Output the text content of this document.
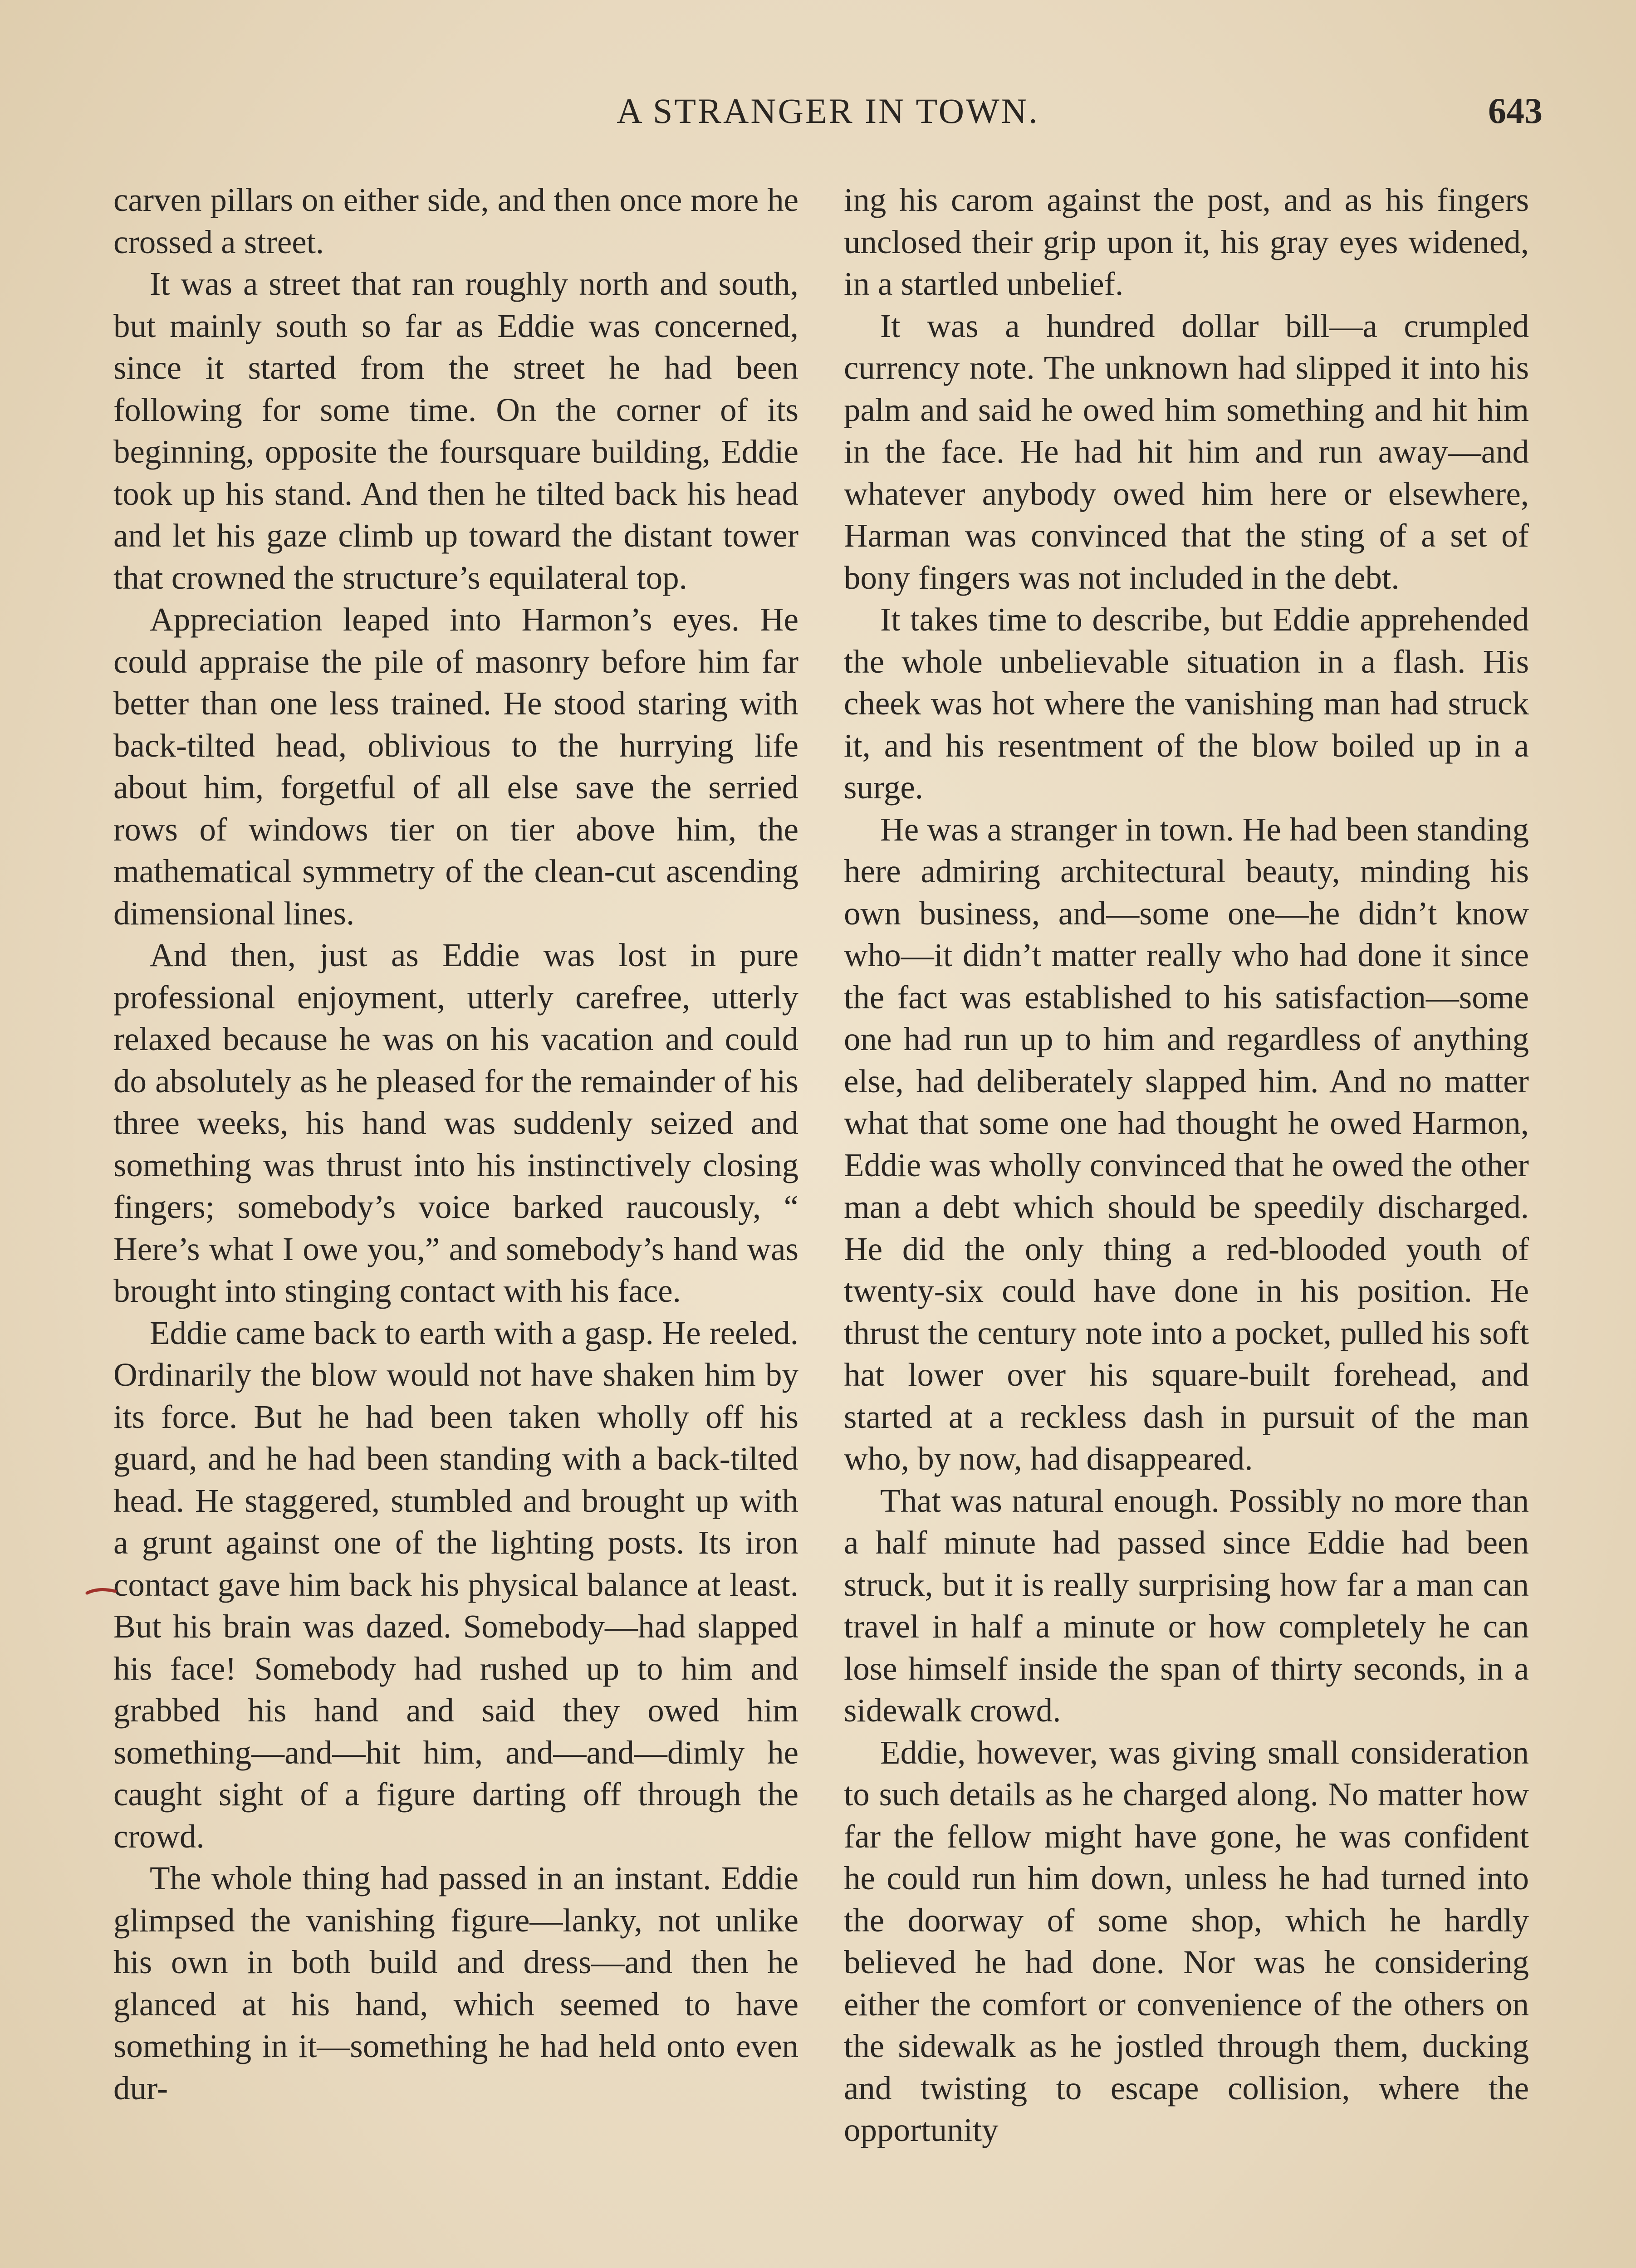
A STRANGER IN TOWN.	643

carven pillars on either side, and then once more he crossed a street.

It was a street that ran roughly north and south, but mainly south so far as Eddie was concerned, since it started from the street he had been following for some time. On the corner of its beginning, opposite the foursquare building, Eddie took up his stand. And then he tilted back his head and let his gaze climb up toward the distant tower that crowned the structure’s equilateral top.

Appreciation leaped into Harmon’s eyes. He could appraise the pile of masonry before him far better than one less trained. He stood staring with back-tilted head, oblivious to the hurrying life about him, forgetful of all else save the serried rows of windows tier on tier above him, the mathematical symmetry of the clean-cut ascending dimensional lines.

And then, just as Eddie was lost in pure professional enjoyment, utterly carefree, utterly relaxed because he was on his vacation and could do absolutely as he pleased for the remainder of his three weeks, his hand was suddenly seized and something was thrust into his instinctively closing fingers; somebody’s voice barked raucously, “ Here’s what I owe you,” and somebody’s hand was brought into stinging contact with his face.

Eddie came back to earth with a gasp. He reeled. Ordinarily the blow would not have shaken him by its force. But he had been taken wholly off his guard, and he had been standing with a back-tilted head. He staggered, stumbled and brought up with a grunt against one of the lighting posts. Its iron contact gave him back his physical balance at least. But his brain was dazed. Somebody—had slapped his face! Somebody had rushed up to him and grabbed his hand and said they owed him something—and—hit him, and—and—dimly he caught sight of a figure darting off through the crowd.

The whole thing had passed in an instant. Eddie glimpsed the vanishing figure—lanky, not unlike his own in both build and dress—and then he glanced at his hand, which seemed to have something in it—something he had held onto even dur-

ing his carom against the post, and as his fingers unclosed their grip upon it, his gray eyes widened, in a startled unbelief.

It was a hundred dollar bill—a crumpled currency note. The unknown had slipped it into his palm and said he owed him something and hit him in the face. He had hit him and run away—and whatever anybody owed him here or elsewhere, Harman was convinced that the sting of a set of bony fingers was not included in the debt.

It takes time to describe, but Eddie apprehended the whole unbelievable situation in a flash. His cheek was hot where the vanishing man had struck it, and his resentment of the blow boiled up in a surge.

He was a stranger in town. He had been standing here admiring architectural beauty, minding his own business, and—some one—he didn’t know who—it didn’t matter really who had done it since the fact was established to his satisfaction—some one had run up to him and regardless of anything else, had deliberately slapped him. And no matter what that some one had thought he owed Harmon, Eddie was wholly convinced that he owed the other man a debt which should be speedily discharged. He did the only thing a red-blooded youth of twenty-six could have done in his position. He thrust the century note into a pocket, pulled his soft hat lower over his square-built forehead, and started at a reckless dash in pursuit of the man who, by now, had disappeared.

That was natural enough. Possibly no more than a half minute had passed since Eddie had been struck, but it is really surprising how far a man can travel in half a minute or how completely he can lose himself inside the span of thirty seconds, in a sidewalk crowd.

Eddie, however, was giving small consideration to such details as he charged along. No matter how far the fellow might have gone, he was confident he could run him down, unless he had turned into the doorway of some shop, which he hardly believed he had done. Nor was he considering either the comfort or convenience of the others on the sidewalk as he jostled through them, ducking and twisting to escape collision, where the opportunity
